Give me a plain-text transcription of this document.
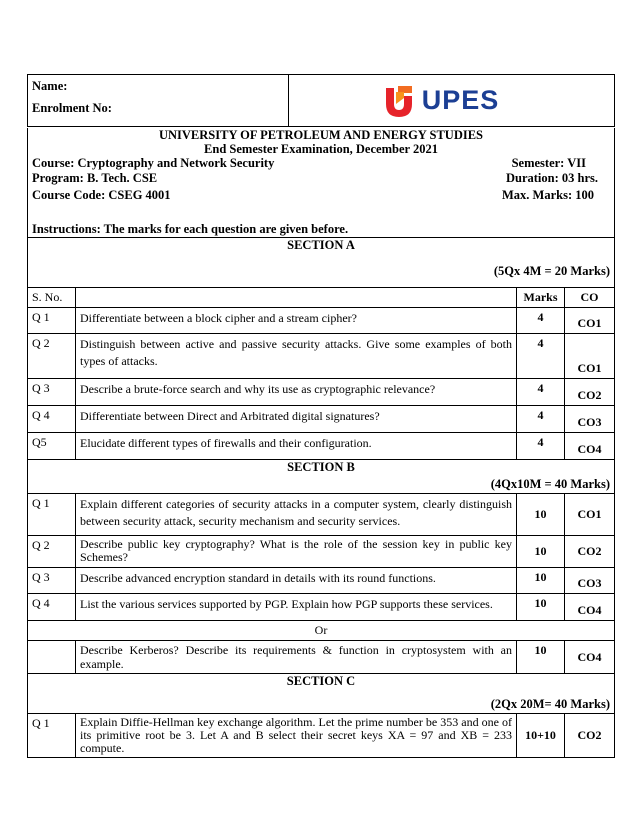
Name:
Enrolment No:	UPES
UNIVERSITY OF PETROLEUM AND ENERGY STUDIES
End Semester Examination, December 2021
Course: Cryptography and Network Security	Semester: VII
Program: B. Tech. CSE	Duration: 03 hrs.
Course Code: CSEG 4001	Max. Marks: 100
Instructions: The marks for each question are given before.
SECTION A
(5Qx 4M = 20 Marks)
S. No.		Marks	CO
Q 1	Differentiate between a block cipher and a stream cipher?	4	CO1
Q 2	Distinguish between active and passive security attacks. Give some examples of both types of attacks.	4	CO1
Q 3	Describe a brute-force search and why its use as cryptographic relevance?	4	CO2
Q 4	Differentiate between Direct and Arbitrated digital signatures?	4	CO3
Q5	Elucidate different types of firewalls and their configuration.	4	CO4

SECTION B
(4Qx10M = 40 Marks)			

Q 1	Explain different categories of security attacks in a computer system, clearly distinguish between security attack, security mechanism and security services.	10	CO1
Q 2	Describe public key cryptography? What is the role of the session key in public key Schemes?	10	CO2
Q 3	Describe advanced encryption standard in details with its round functions.	10	CO3
Q 4	List the various services supported by PGP. Explain how PGP supports these services.	10	CO4
Or			
	Describe Kerberos? Describe its requirements & function in cryptosystem with an example.	10	CO4

SECTION C
(2Qx 20M= 40 Marks)			

Q 1	Explain Diffie-Hellman key exchange algorithm. Let the prime number be 353 and one of its primitive root be 3. Let A and B select their secret keys XA = 97 and XB = 233 compute.	10+10	CO2
